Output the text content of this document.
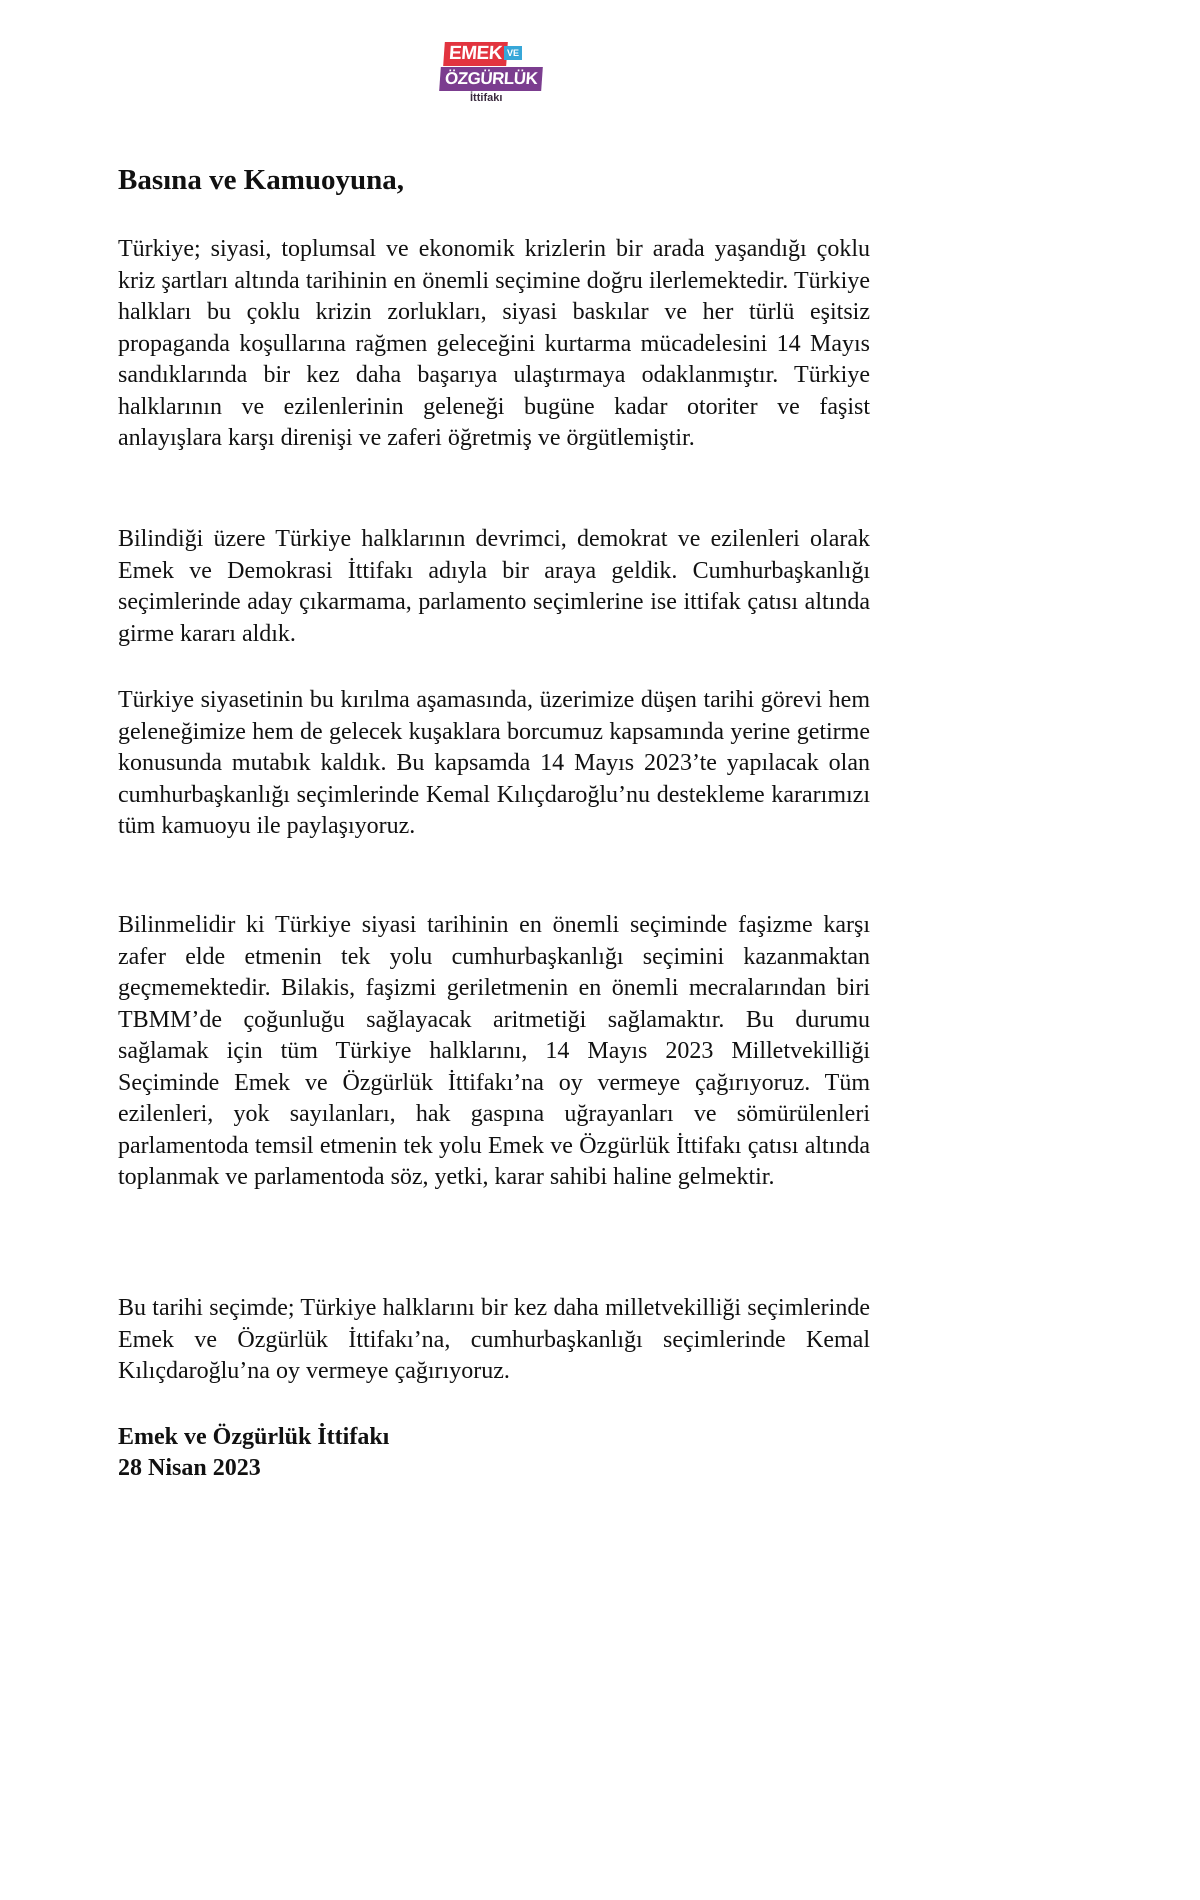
EMEK VE
ÖZGÜRLÜK
İttifakı
Basına ve Kamuoyuna,

Türkiye; siyasi, toplumsal ve ekonomik krizlerin bir arada yaşandığı çoklu kriz şartları altında tarihinin en önemli seçimine doğru ilerlemektedir. Türkiye halkları bu çoklu krizin zorlukları, siyasi baskılar ve her türlü eşitsiz propaganda koşullarına rağmen geleceğini kurtarma mücadelesini 14 Mayıs sandıklarında bir kez daha başarıya ulaştırmaya odaklanmıştır. Türkiye halklarının ve ezilenlerinin geleneği bugüne kadar otoriter ve faşist anlayışlara karşı direnişi ve zaferi öğretmiş ve örgütlemiştir.

Bilindiği üzere Türkiye halklarının devrimci, demokrat ve ezilenleri olarak Emek ve Demokrasi İttifakı adıyla bir araya geldik. Cumhurbaşkanlığı seçimlerinde aday çıkarmama, parlamento seçimlerine ise ittifak çatısı altında girme kararı aldık.

Türkiye siyasetinin bu kırılma aşamasında, üzerimize düşen tarihi görevi hem geleneğimize hem de gelecek kuşaklara borcumuz kapsamında yerine getirme konusunda mutabık kaldık. Bu kapsamda 14 Mayıs 2023’te yapılacak olan cumhurbaşkanlığı seçimlerinde Kemal Kılıçdaroğlu’nu destekleme kararımızı tüm kamuoyu ile paylaşıyoruz.

Bilinmelidir ki Türkiye siyasi tarihinin en önemli seçiminde faşizme karşı zafer elde etmenin tek yolu cumhurbaşkanlığı seçimini kazanmaktan geçmemektedir. Bilakis, faşizmi geriletmenin en önemli mecralarından biri TBMM’de çoğunluğu sağlayacak aritmetiği sağlamaktır. Bu durumu sağlamak için tüm Türkiye halklarını, 14 Mayıs 2023 Milletvekilliği Seçiminde Emek ve Özgürlük İttifakı’na oy vermeye çağırıyoruz. Tüm ezilenleri, yok sayılanları, hak gaspına uğrayanları ve sömürülenleri parlamentoda temsil etmenin tek yolu Emek ve Özgürlük İttifakı çatısı altında toplanmak ve parlamentoda söz, yetki, karar sahibi haline gelmektir.

Bu tarihi seçimde; Türkiye halklarını bir kez daha milletvekilliği seçimlerinde Emek ve Özgürlük İttifakı’na, cumhurbaşkanlığı seçimlerinde Kemal Kılıçdaroğlu’na oy vermeye çağırıyoruz.

Emek ve Özgürlük İttifakı
28 Nisan 2023
